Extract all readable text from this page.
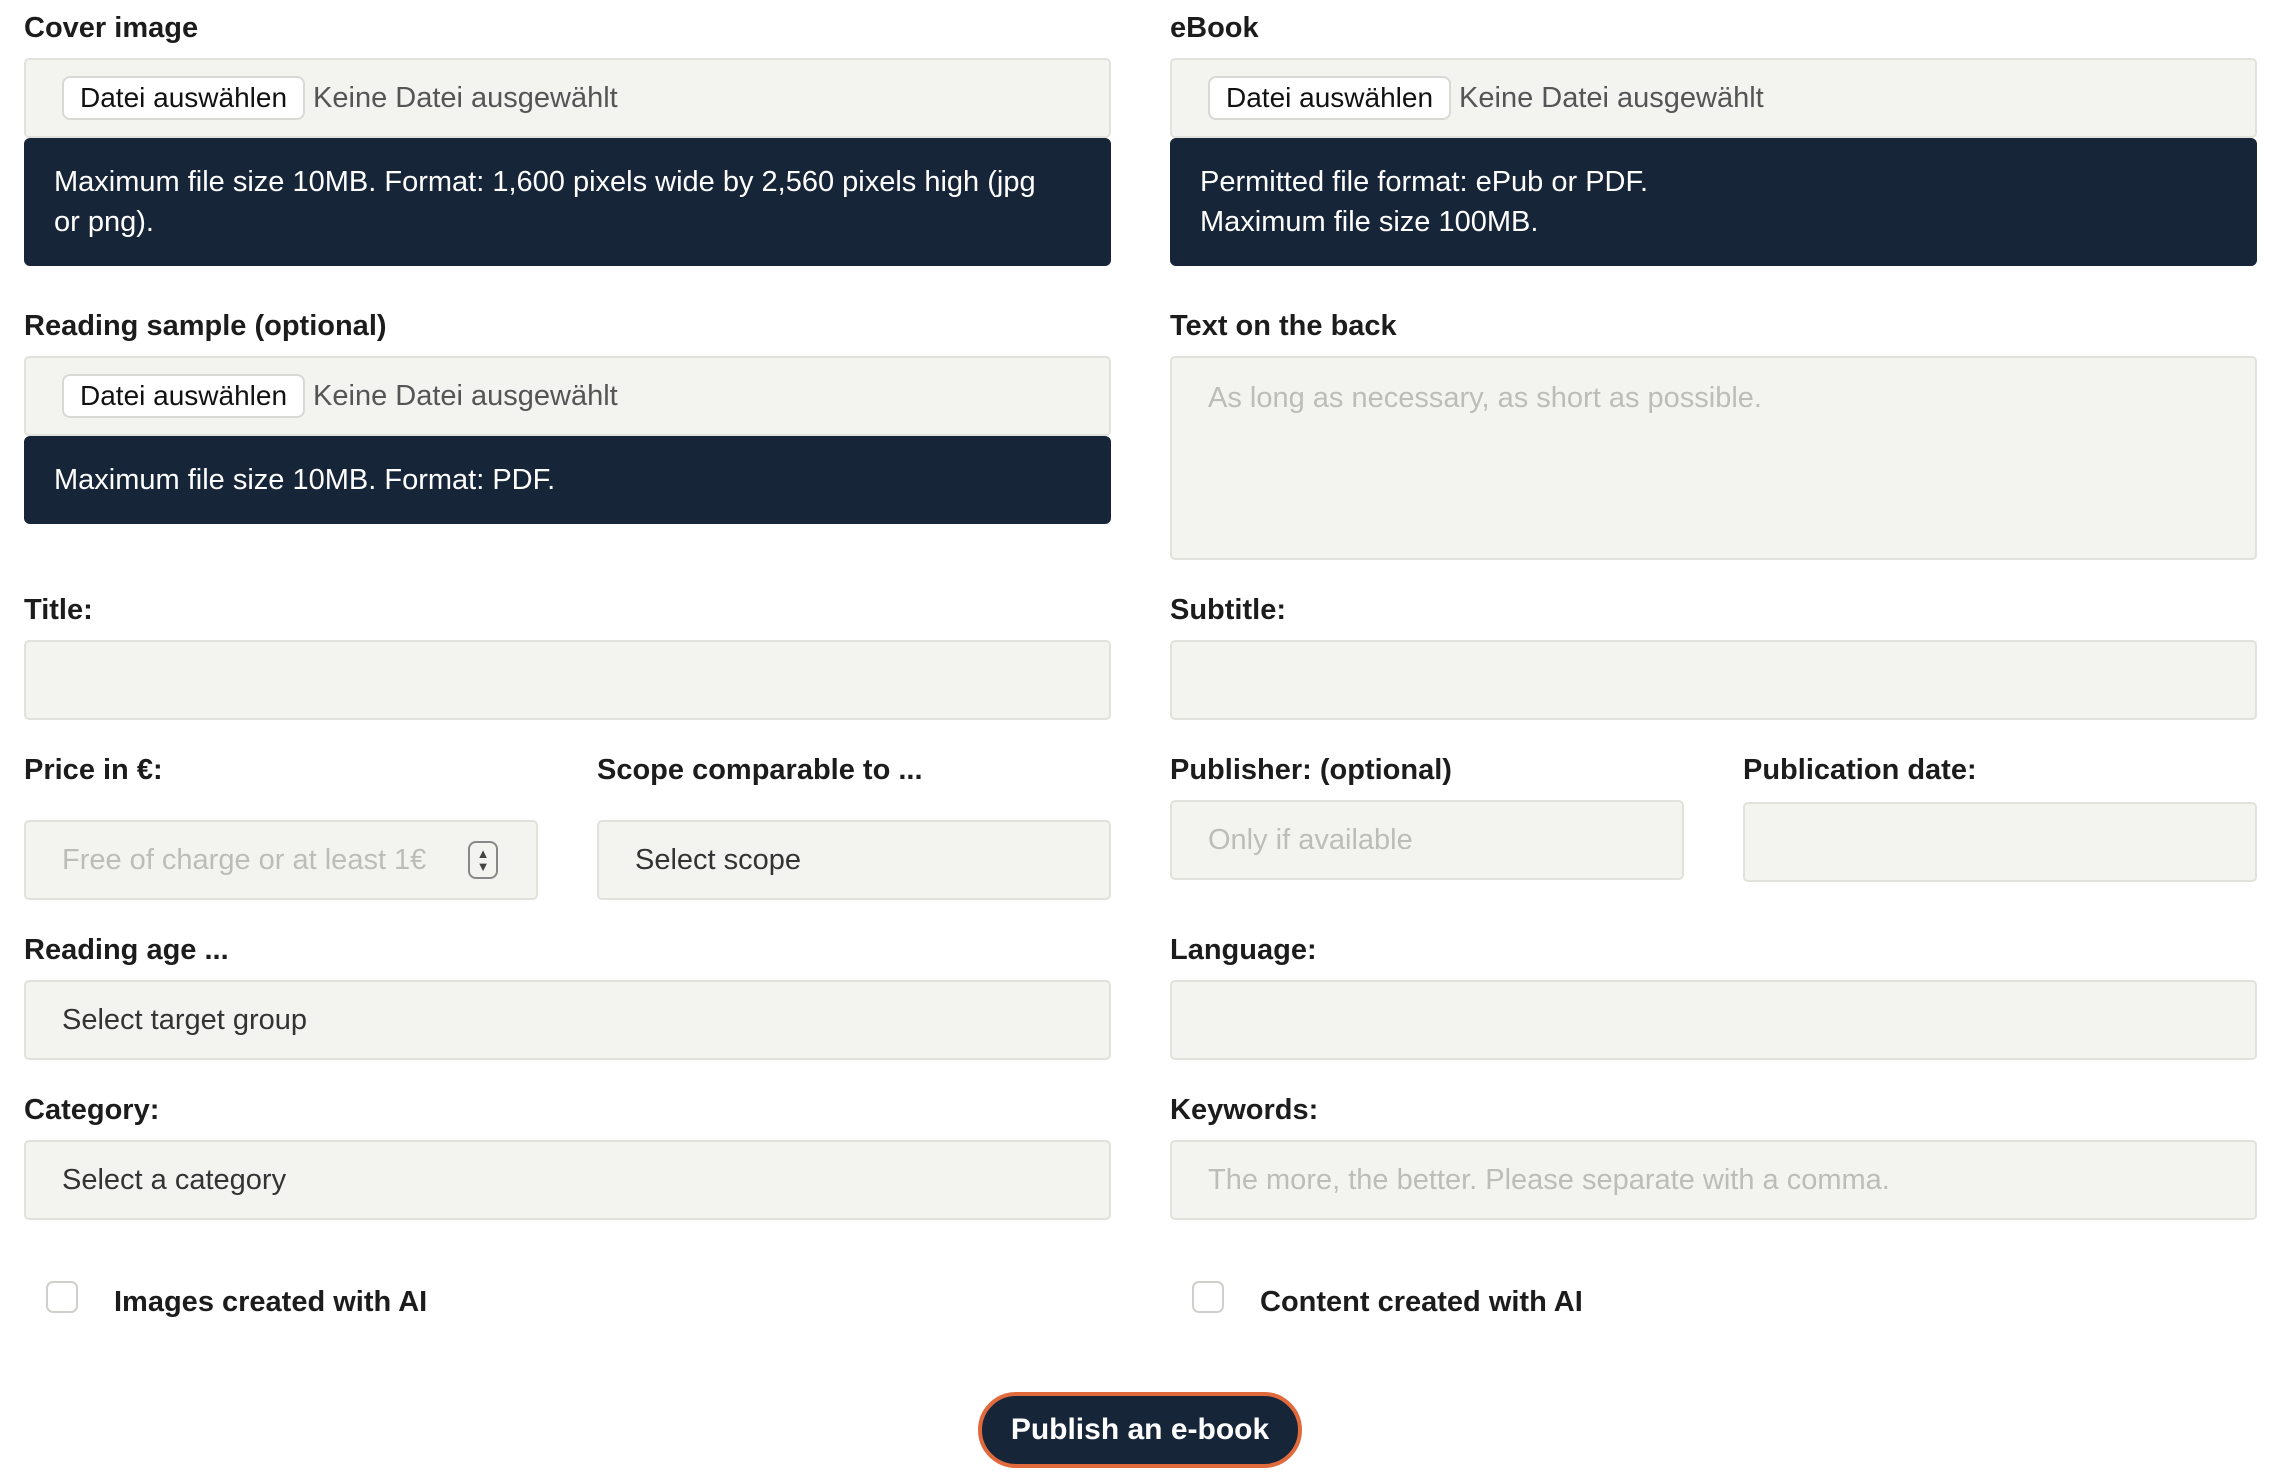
Cover image
Datei auswählen Keine Datei ausgewählt
Maximum file size 10MB. Format: 1,600 pixels wide by 2,560 pixels high (jpg
or png).
Reading sample (optional)
Datei auswählen Keine Datei ausgewählt
Maximum file size 10MB. Format: PDF.
Title:
Price in €:
Free of charge or at least 1€	▲
▼
Scope comparable to ...
Select scope
Reading age ...
Select target group
Category:
Select a category
Images created with AI
eBook
Datei auswählen Keine Datei ausgewählt
Permitted file format: ePub or PDF.
Maximum file size 100MB.
Text on the back
As long as necessary, as short as possible.
Subtitle:
Publisher: (optional)
Only if available
Publication date:
Language:
Keywords:
The more, the better. Please separate with a comma.
Content created with AI
Publish an e-book
